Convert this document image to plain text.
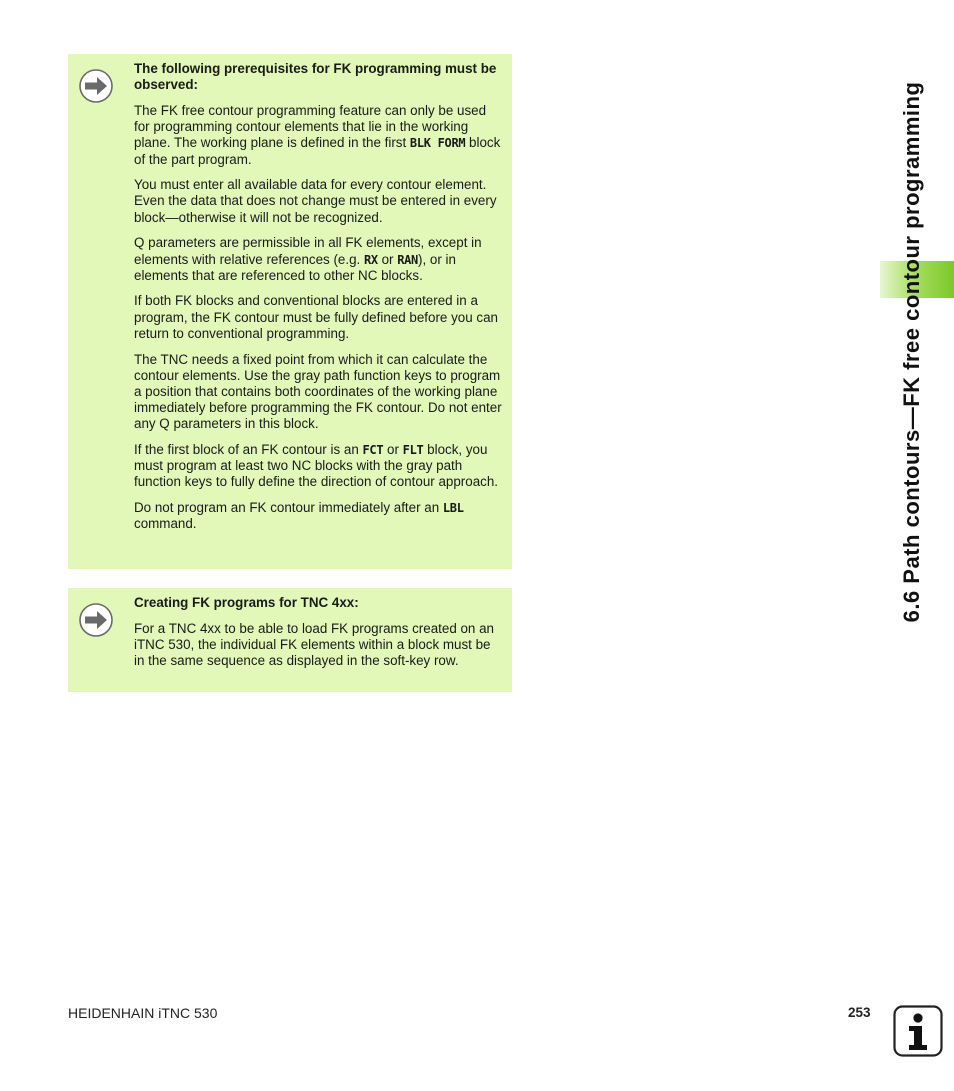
6.6 Path contours—FK free contour programming

The following prerequisites for FK programming must be observed:

The FK free contour programming feature can only be used for programming contour elements that lie in the working plane. The working plane is defined in the first BLK FORM block of the part program.

You must enter all available data for every contour element. Even the data that does not change must be entered in every block—otherwise it will not be recognized.

Q parameters are permissible in all FK elements, except in elements with relative references (e.g. RX or RAN), or in elements that are referenced to other NC blocks.

If both FK blocks and conventional blocks are entered in a program, the FK contour must be fully defined before you can return to conventional programming.

The TNC needs a fixed point from which it can calculate the contour elements. Use the gray path function keys to program a position that contains both coordinates of the working plane immediately before programming the FK contour. Do not enter any Q parameters in this block.

If the first block of an FK contour is an FCT or FLT block, you must program at least two NC blocks with the gray path function keys to fully define the direction of contour approach.

Do not program an FK contour immediately after an LBL command.

Creating FK programs for TNC 4xx:

For a TNC 4xx to be able to load FK programs created on an iTNC 530, the individual FK elements within a block must be in the same sequence as displayed in the soft-key row.

HEIDENHAIN iTNC 530	253
